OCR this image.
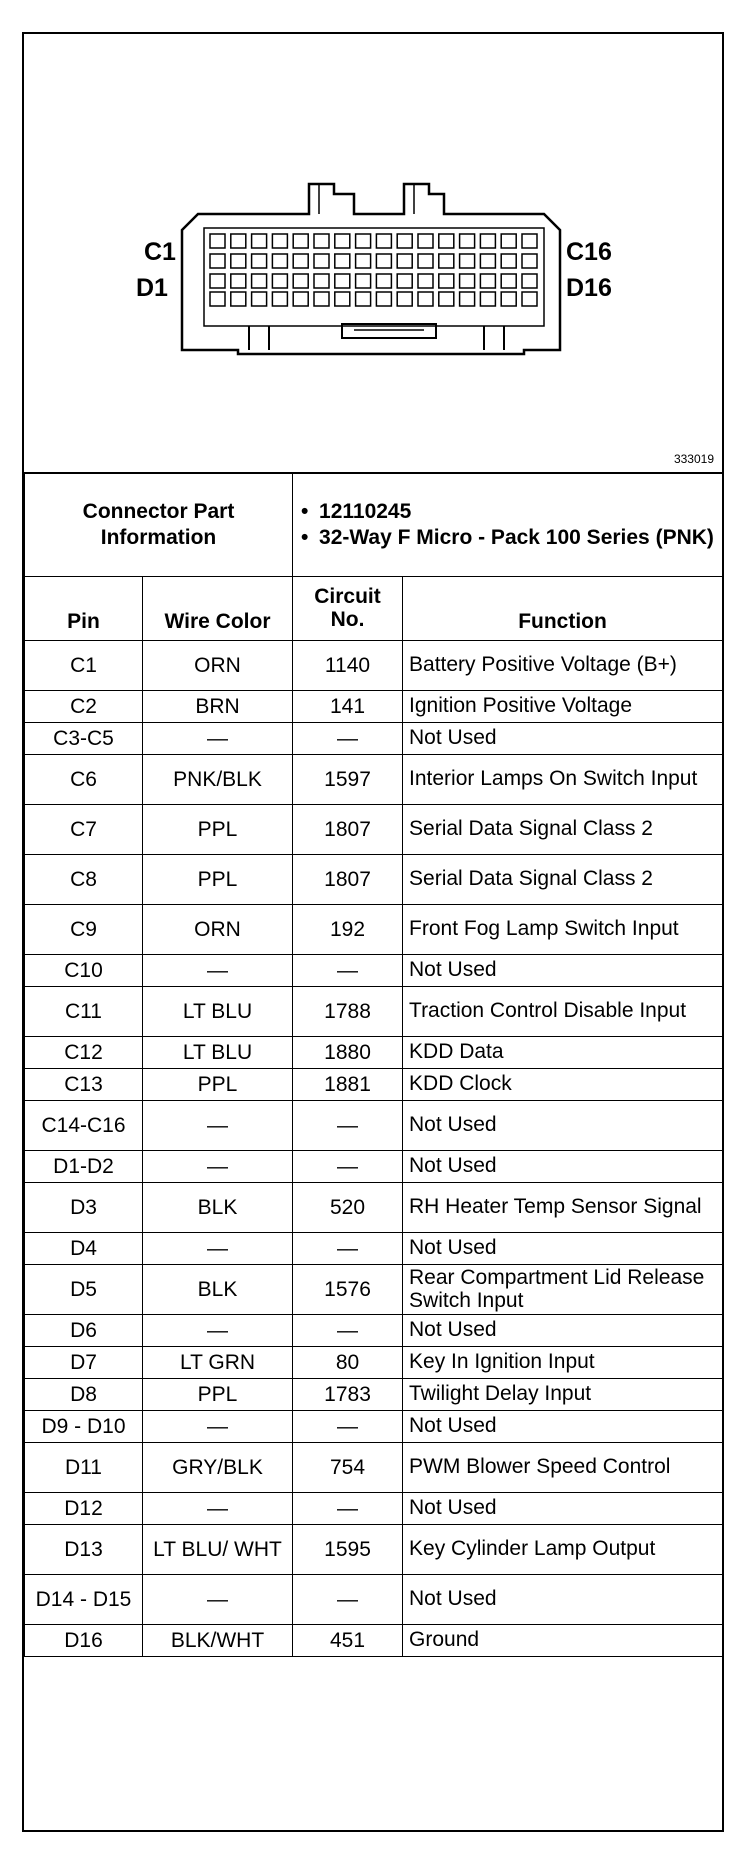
C1
D1
C16
D16
333019
Connector Part Information		• 12110245
• 32-Way F Micro - Pack 100 Series (PNK)

Pin	Wire Color	Circuit No.	Function
C1	ORN	1140	Battery Positive Voltage (B+)
C2	BRN	141	Ignition Positive Voltage
C3-C5	—	—	Not Used
C6	PNK/BLK	1597	Interior Lamps On Switch Input
C7	PPL	1807	Serial Data Signal Class 2
C8	PPL	1807	Serial Data Signal Class 2
C9	ORN	192	Front Fog Lamp Switch Input
C10	—	—	Not Used
C11	LT BLU	1788	Traction Control Disable Input
C12	LT BLU	1880	KDD Data
C13	PPL	1881	KDD Clock
C14-C16	—	—	Not Used
D1-D2	—	—	Not Used
D3	BLK	520	RH Heater Temp Sensor Signal
D4	—	—	Not Used
D5	BLK	1576	Rear Compartment Lid Release Switch Input
D6	—	—	Not Used
D7	LT GRN	80	Key In Ignition Input
D8	PPL	1783	Twilight Delay Input
D9 - D10	—	—	Not Used
D11	GRY/BLK	754	PWM Blower Speed Control
D12	—	—	Not Used
D13	LT BLU/ WHT	1595	Key Cylinder Lamp Output
D14 - D15	—	—	Not Used
D16	BLK/WHT	451	Ground
